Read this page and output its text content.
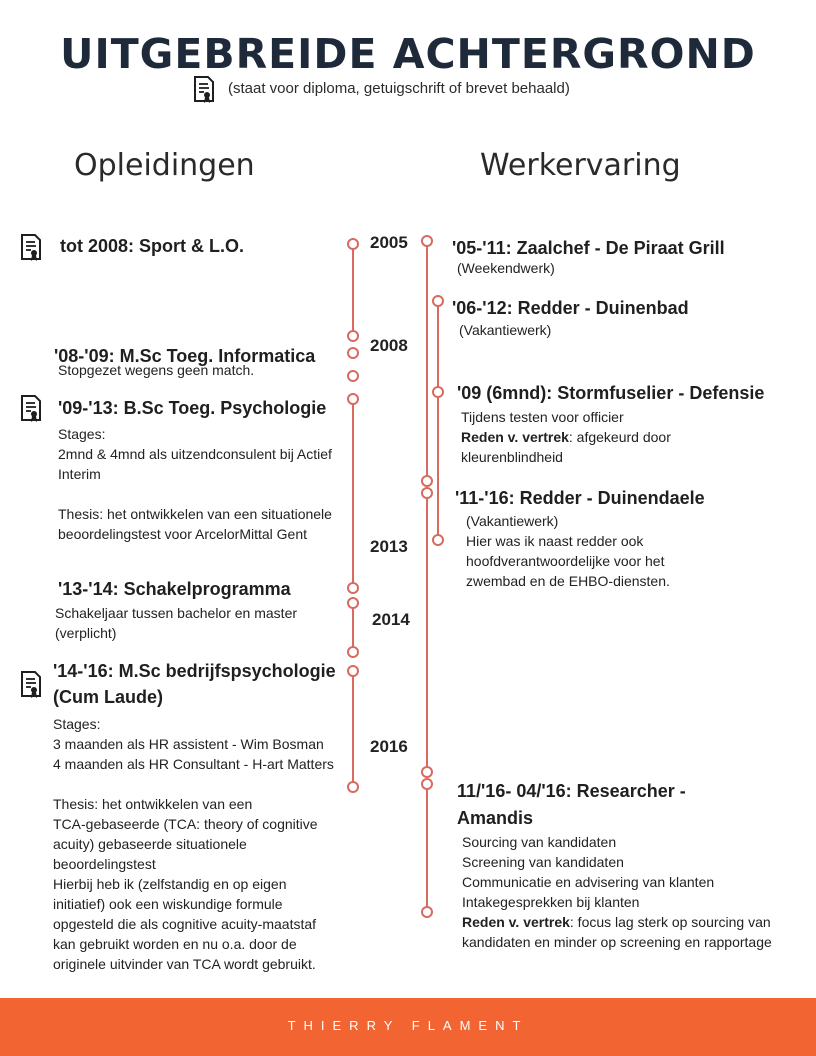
UITGEBREIDE ACHTERGROND
(staat voor diploma, getuigschrift of brevet behaald)
Opleidingen	Werkervaring
2005
2008
2013
2014
2016
tot 2008: Sport & L.O.
'08-'09: M.Sc Toeg. Informatica
Stopgezet wegens geen match.
'09-'13: B.Sc Toeg. Psychologie
Stages:
2mnd & 4mnd als uitzendconsulent bij Actief
Interim
Thesis: het ontwikkelen van een situationele
beoordelingstest voor ArcelorMittal Gent
'13-'14: Schakelprogramma
Schakeljaar tussen bachelor en master
(verplicht)
'14-'16: M.Sc bedrijfspsychologie
(Cum Laude)
Stages:
3 maanden als HR assistent - Wim Bosman
4 maanden als HR Consultant - H-art Matters
Thesis: het ontwikkelen van een
TCA-gebaseerde (TCA: theory of cognitive
acuity) gebaseerde situationele
beoordelingstest
Hierbij heb ik (zelfstandig en op eigen
initiatief) ook een wiskundige formule
opgesteld die als cognitive acuity-maatstaf
kan gebruikt worden en nu o.a. door de
originele uitvinder van TCA wordt gebruikt.
'05-'11: Zaalchef - De Piraat Grill
(Weekendwerk)
'06-'12: Redder - Duinenbad
(Vakantiewerk)
'09 (6mnd): Stormfuselier - Defensie
Tijdens testen voor officier
Reden v. vertrek: afgekeurd door
kleurenblindheid
'11-'16: Redder - Duinendaele
(Vakantiewerk)
Hier was ik naast redder ook
hoofdverantwoordelijke voor het
zwembad en de EHBO-diensten.
11/'16- 04/'16: Researcher -
Amandis
Sourcing van kandidaten
Screening van kandidaten
Communicatie en advisering van klanten
Intakegesprekken bij klanten
Reden v. vertrek: focus lag sterk op sourcing van
kandidaten en minder op screening en rapportage
THIERRY FLAMENT
